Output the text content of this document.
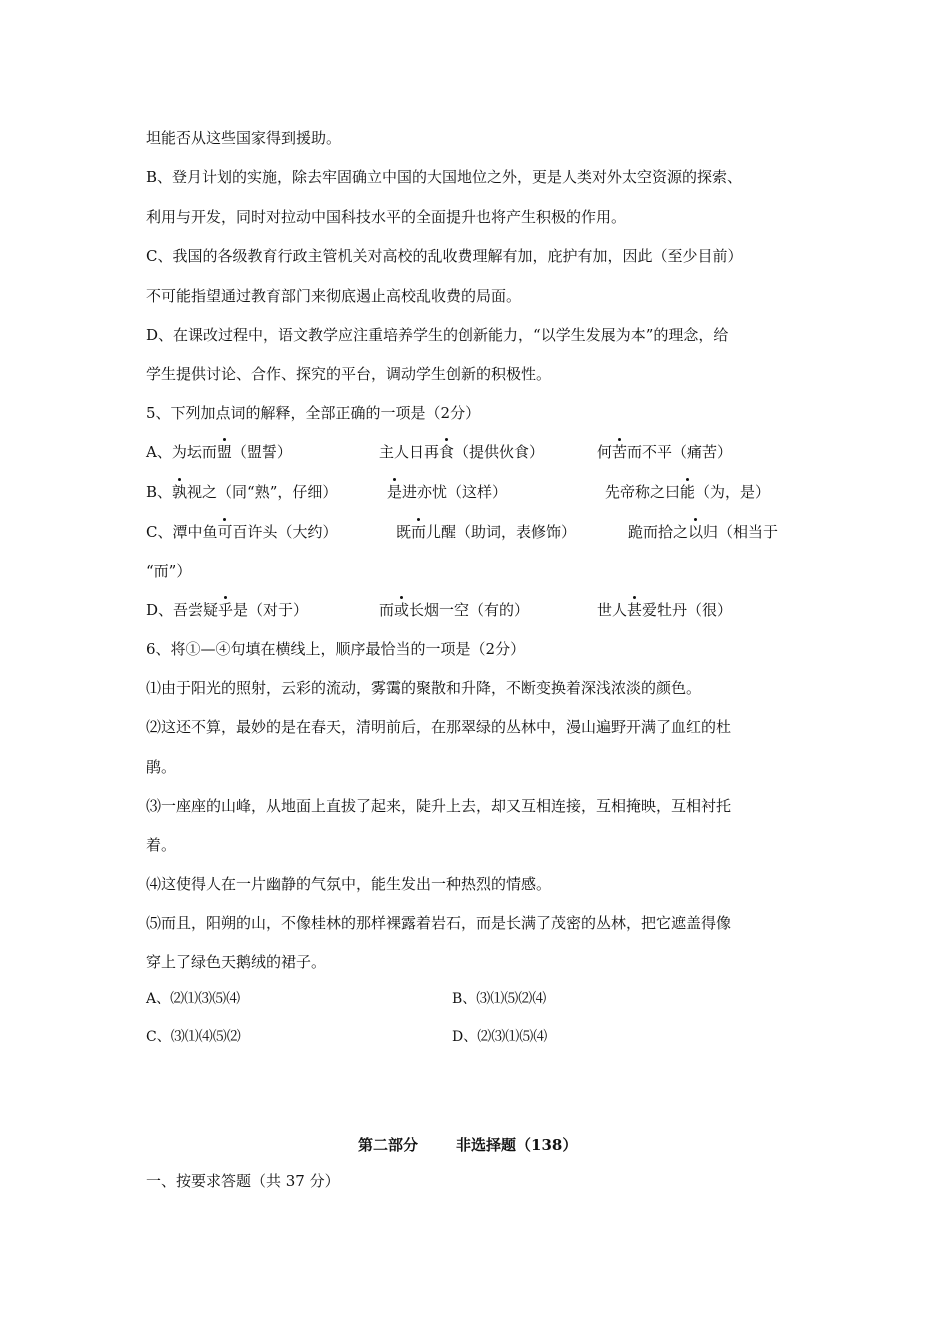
坦能否从这些国家得到援助。
B、登月计划的实施，除去牢固确立中国的大国地位之外，更是人类对外太空资源的探索、
利用与开发，同时对拉动中国科技水平的全面提升也将产生积极的作用。
C、我国的各级教育行政主管机关对高校的乱收费理解有加，庇护有加，因此（至少目前）
不可能指望通过教育部门来彻底遏止高校乱收费的局面。
D、在课改过程中，语文教学应注重培养学生的创新能力，“以学生发展为本”的理念，给
学生提供讨论、合作、探究的平台，调动学生创新的积极性。
5、下列加点词的解释，全部正确的一项是（2分）
A、为坛而盟（盟誓）	主人日再食（提供伙食）	何苦而不平（痛苦）
B、孰视之（同“熟”，仔细）	是进亦忧（这样）	先帝称之曰能（为，是）
C、潭中鱼可百许头（大约）	既而儿醒（助词，表修饰）	跪而拾之以归（相当于
“而”）
D、吾尝疑乎是（对于）	而或长烟一空（有的）	世人甚爱牡丹（很）
6、将①—④句填在横线上，顺序最恰当的一项是（2分）
⑴由于阳光的照射，云彩的流动，雾霭的聚散和升降，不断变换着深浅浓淡的颜色。
⑵这还不算，最妙的是在春天，清明前后，在那翠绿的丛林中，漫山遍野开满了血红的杜
鹃。
⑶一座座的山峰，从地面上直拔了起来，陡升上去，却又互相连接，互相掩映，互相衬托
着。
⑷这使得人在一片幽静的气氛中，能生发出一种热烈的情感。
⑸而且，阳朔的山，不像桂林的那样裸露着岩石，而是长满了茂密的丛林，把它遮盖得像
穿上了绿色天鹅绒的裙子。
A、⑵⑴⑶⑸⑷	B、⑶⑴⑸⑵⑷
C、⑶⑴⑷⑸⑵	D、⑵⑶⑴⑸⑷
第二部分	非选择题（138）
一、按要求答题（共 37 分）
